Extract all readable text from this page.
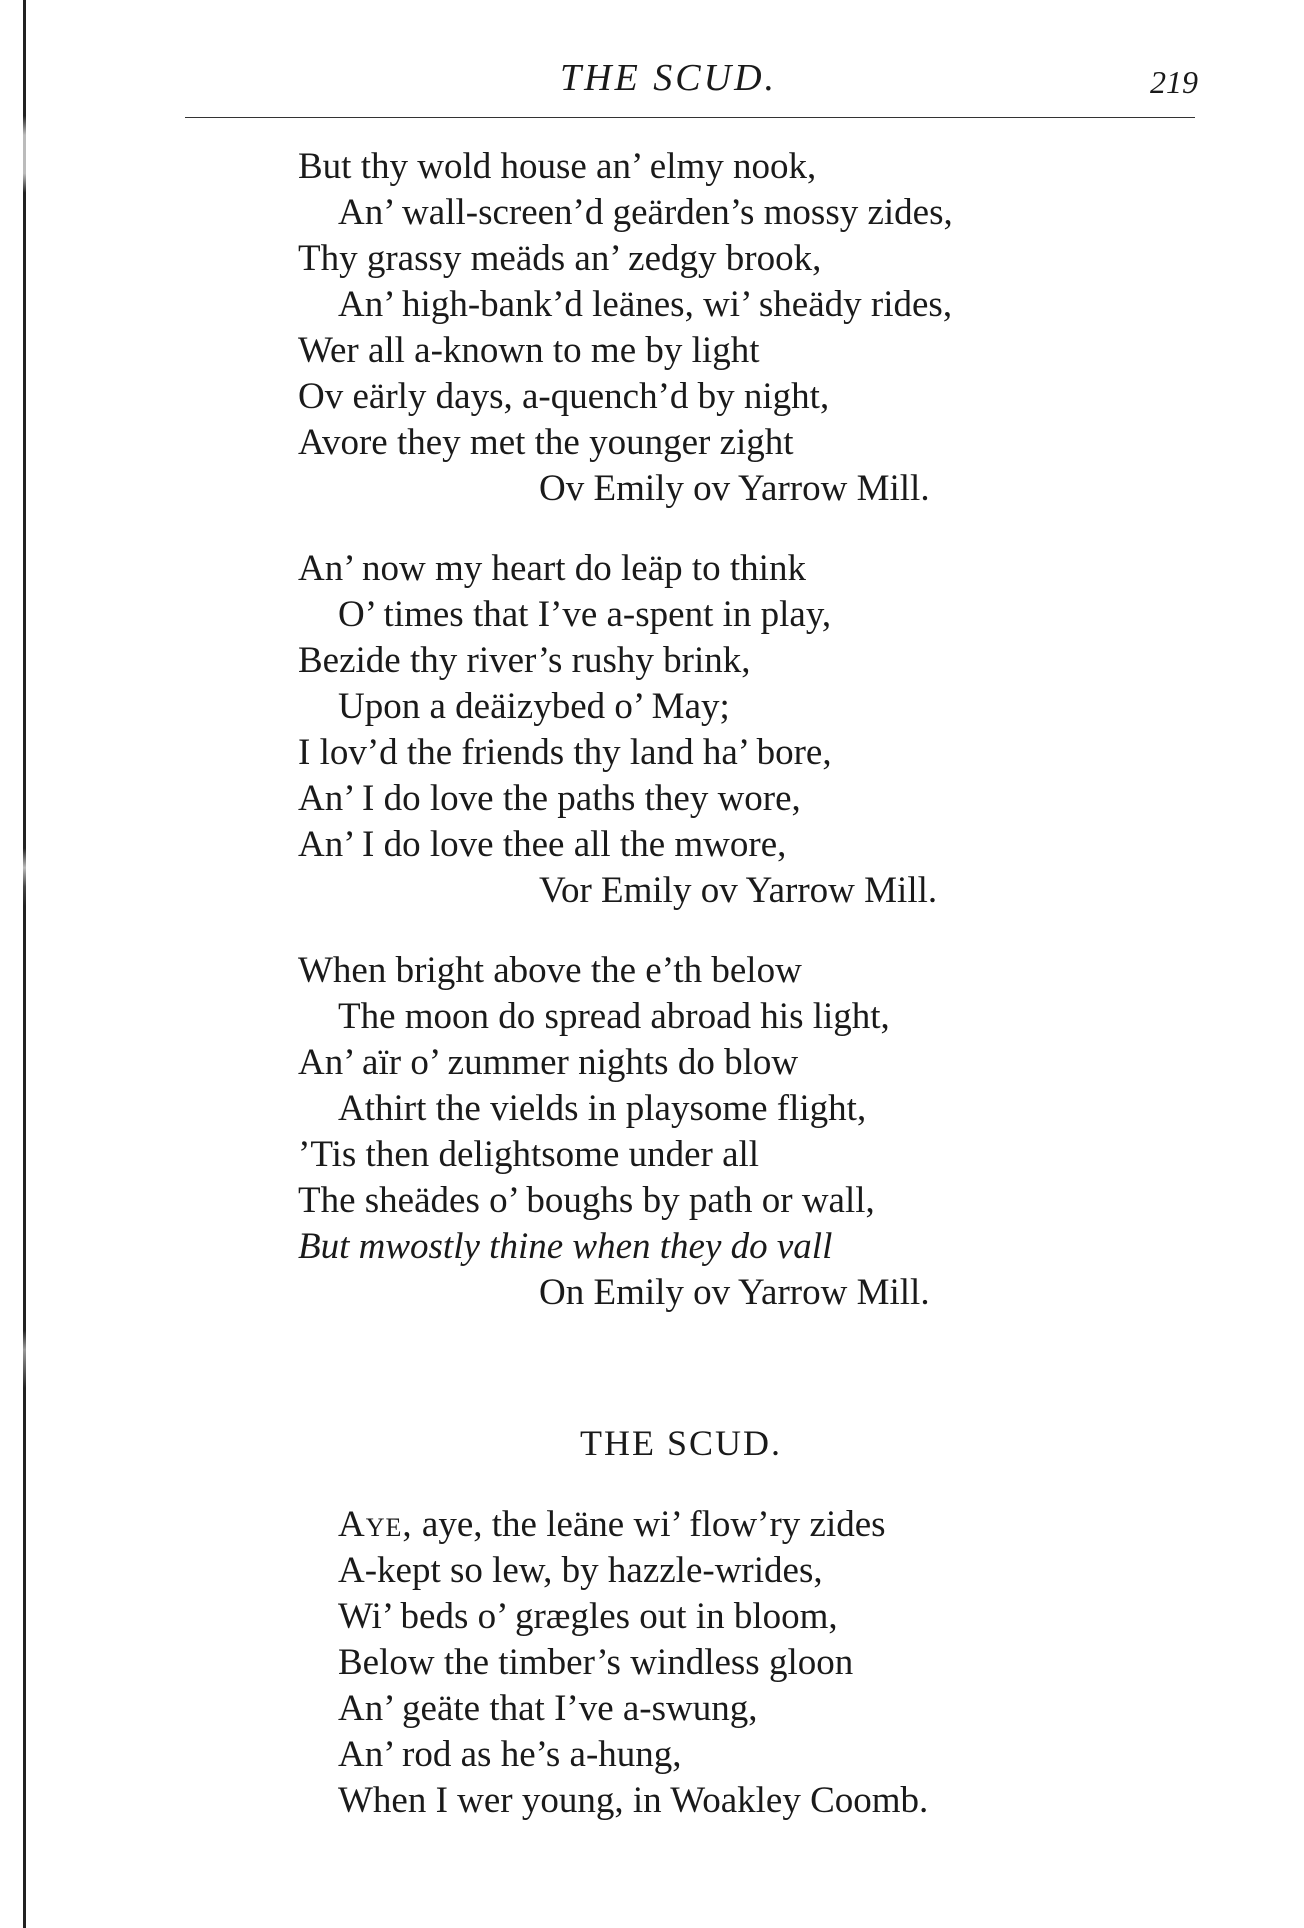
THE SCUD.	219
But thy wold house an’ elmy nook,
An’ wall-screen’d geärden’s mossy zides,
Thy grassy meäds an’ zedgy brook,
An’ high-bank’d leänes, wi’ sheädy rides,
Wer all a-known to me by light
Ov eärly days, a-quench’d by night,
Avore they met the younger zight
Ov Emily ov Yarrow Mill.
An’ now my heart do leäp to think
O’ times that I’ve a-spent in play,
Bezide thy river’s rushy brink,
Upon a deäizybed o’ May;
I lov’d the friends thy land ha’ bore,
An’ I do love the paths they wore,
An’ I do love thee all the mwore,
Vor Emily ov Yarrow Mill.
When bright above the e’th below
The moon do spread abroad his light,
An’ aïr o’ zummer nights do blow
Athirt the vields in playsome flight,
’Tis then delightsome under all
The sheädes o’ boughs by path or wall,
But mwostly thine when they do vall
On Emily ov Yarrow Mill.
THE SCUD.
Aye, aye, the leäne wi’ flow’ry zides
A-kept so lew, by hazzle-wrides,
Wi’ beds o’ grægles out in bloom,
Below the timber’s windless gloon
An’ geäte that I’ve a-swung,
An’ rod as he’s a-hung,
When I wer young, in Woakley Coomb.
